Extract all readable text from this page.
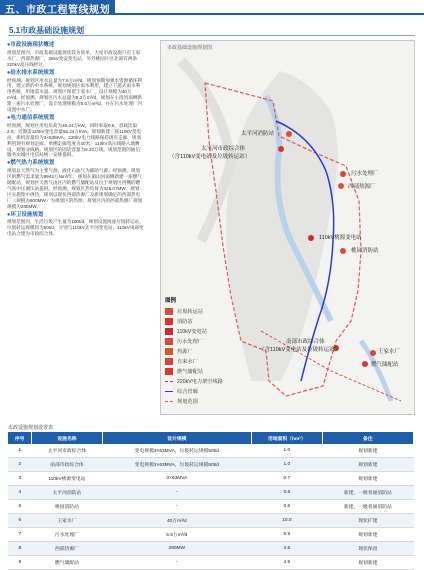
五、市政工程管线规划
5.1市政基础设施规划
●市政设施现状概述

规划范围内，市政基础设施现状较为简单，大屋市政设施只有王家水厂，西部热源厂，35kV变安变电站，另外桃园片区北部有两条220kV高压线经过。

●给水排水系统规划

经预测，规划区用水总量为7.8万m³/d。规划预期加强水资源循环利用，建立新的中水系统。规划规划区雨水利用，建立下游式雨水利用系统，用地需水量。规划区保留王家水厂，设计规模为40万m³/d。经预测，规划区污水总量为5.2万m³/d。规划在小清河南侧新建一座污水处理厂，设计处理规模为5.5万m³/d，并在污水处理厂内设置中水厂。

●电力通信系统规划

经预测，规划区用电负荷为46.04万kW。同时率取0.6，容载比取2.0。近期需110kV变电容量55.24万kVA。规划新建三座110kV变电站，新机容量均为3×63MVA。220kV电力线路保持现有走廊，规划利用现有规划走廊，单侧走廊宽度为40米，110kV高压线路入地敷设，规划分线路。规划区的固话容量为9.33万线。规划范围的通信服务由城区电信局统一安排提供。

●燃气热力系统规划

规划以天然气为主要气源，液化石油气为辅助气源。经预测，规划区的燃气需求量为9943万Nm³/年，规划在湄山河南侧新建一座燃气储配站，规划区天然气由区内的燃气储配站及位于规划区西侧的燃气高中压调压站提供。经预测，规划区热负荷为325.07MW，规划区实施集中供热，规划以现状西部热源厂及新规划确定的西部热电厂（规模为600MW）为规划区的热源，规划区内的西部热源厂规划规模为280MW。

●环卫设施规划

规划范围内，生活垃圾产生量为100t/d，规划设置两座垃圾转运站，垃圾转运规模均为50t/d，分别与110kV太平河变电站、110kV南部变电站合建为市政综合体。

市政基础设施规划图
太平河消防站
太平河市政综合体
（含110kV变电站及垃圾转运站）
污水处理厂
西部热源厂
110kV桃源变电站
桃园消防站
南部市政综合体
（含110kV变电站及垃圾转运站）	王家水厂
燃气储配站
图例
垃圾转运站
消防站
110kV变电站
污水处理厂
热源厂
自来水厂
燃气储配站
220kV电力架空线路
综合管廊
规划范围
市政设施规划设置表
序号	设施名称	设计规模	用地面积（hm²）	备注
1	太平河市政综合体	变电规模3×63MVA，垃圾转运规模50t/d	1.0	规划新建
2	南部市政综合体	变电规模3×63MVA，垃圾转运规模50t/d	1.0	规划新建
3	110kV桃源变电站	3×63MVA	0.7	规划新建
4	太平河消防站	-	0.6	新建，一级普通消防站
5	桃园消防站	-	0.6	新建，一级普通消防站
6	王家水厂	40万m³/d	10.0	现状扩建
7	污水处理厂	5.5万m³/d	6.5	规划新建
8	西部热源厂	280MW	4.5	现状保留
9	燃气储配站	-	4.5	规划新建
